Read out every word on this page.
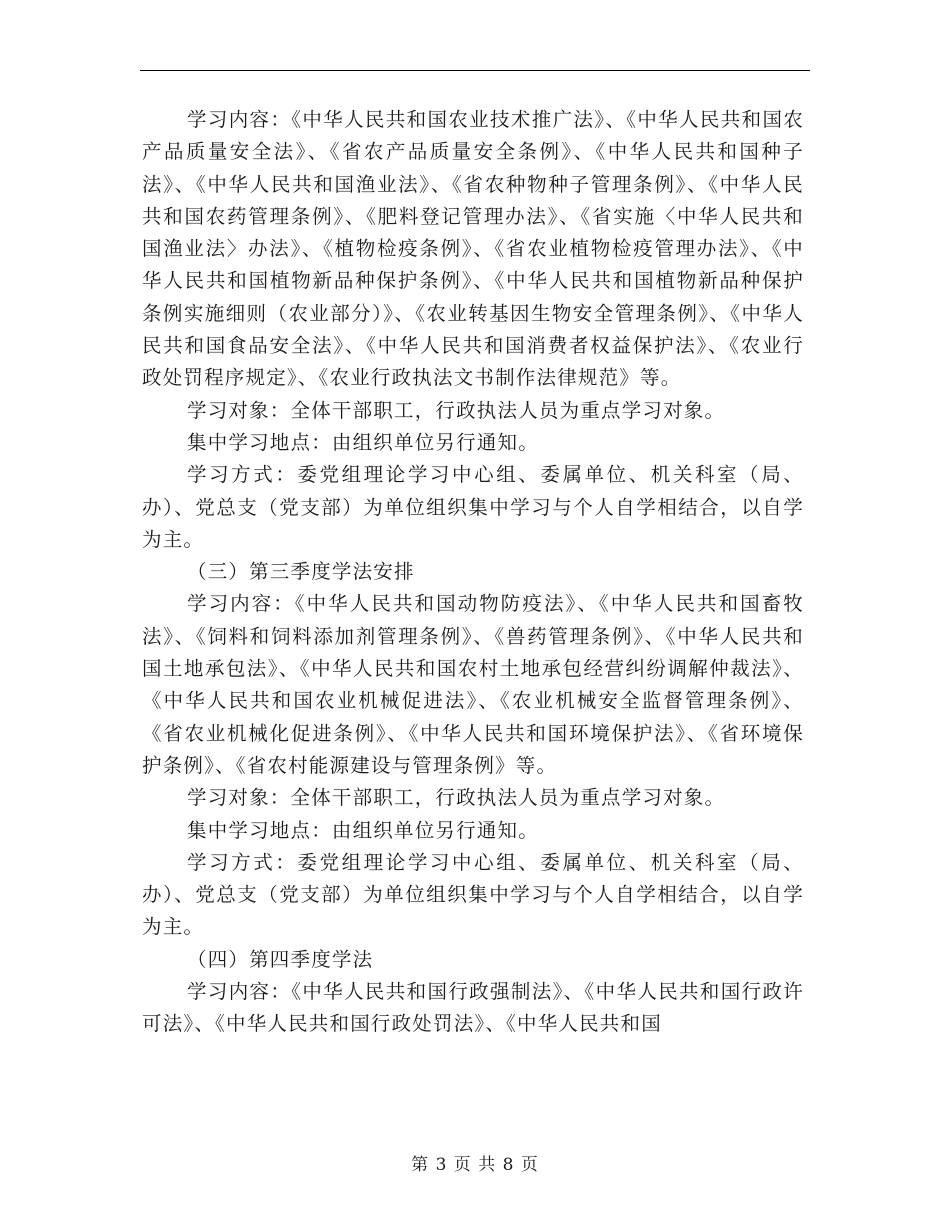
学习内容：《中华人民共和国农业技术推广法》、《中华人民共和国农产品质量安全法》、《省农产品质量安全条例》、《中华人民共和国种子法》、《中华人民共和国渔业法》、《省农种物种子管理条例》、《中华人民共和国农药管理条例》、《肥料登记管理办法》、《省实施〈中华人民共和国渔业法〉办法》、《植物检疫条例》、《省农业植物检疫管理办法》、《中华人民共和国植物新品种保护条例》、《中华人民共和国植物新品种保护条例实施细则（农业部分）》、《农业转基因生物安全管理条例》、《中华人民共和国食品安全法》、《中华人民共和国消费者权益保护法》、《农业行政处罚程序规定》、《农业行政执法文书制作法律规范》等。

学习对象：全体干部职工，行政执法人员为重点学习对象。

集中学习地点：由组织单位另行通知。

学习方式：委党组理论学习中心组、委属单位、机关科室（局、办）、党总支（党支部）为单位组织集中学习与个人自学相结合，以自学为主。

（三）第三季度学法安排

学习内容：《中华人民共和国动物防疫法》、《中华人民共和国畜牧法》、《饲料和饲料添加剂管理条例》、《兽药管理条例》、《中华人民共和国土地承包法》、《中华人民共和国农村土地承包经营纠纷调解仲裁法》、《中华人民共和国农业机械促进法》、《农业机械安全监督管理条例》、《省农业机械化促进条例》、《中华人民共和国环境保护法》、《省环境保护条例》、《省农村能源建设与管理条例》等。

学习对象：全体干部职工，行政执法人员为重点学习对象。

集中学习地点：由组织单位另行通知。

学习方式：委党组理论学习中心组、委属单位、机关科室（局、办）、党总支（党支部）为单位组织集中学习与个人自学相结合，以自学为主。

（四）第四季度学法

学习内容：《中华人民共和国行政强制法》、《中华人民共和国行政许可法》、《中华人民共和国行政处罚法》、《中华人民共和国

第 3 页 共 8 页
